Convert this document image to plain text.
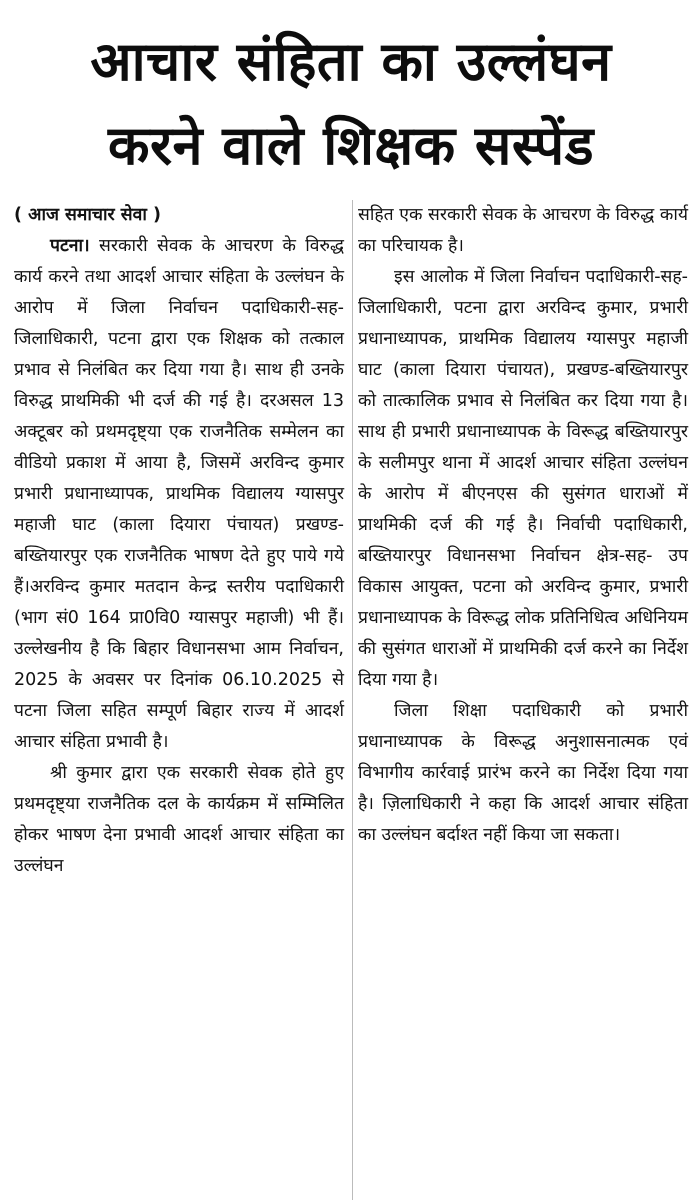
आचार संहिता का उल्लंघन
करने वाले शिक्षक सस्पेंड

( आज समाचार सेवा )

पटना। सरकारी सेवक के आचरण के विरुद्ध कार्य करने तथा आदर्श आचार संहिता के उल्लंघन के आरोप में जिला निर्वाचन पदाधिकारी-सह-जिलाधिकारी, पटना द्वारा एक शिक्षक को तत्काल प्रभाव से निलंबित कर दिया गया है। साथ ही उनके विरुद्ध प्राथमिकी भी दर्ज की गई है। दरअसल 13 अक्टूबर को प्रथमदृष्ट्या एक राजनैतिक सम्मेलन का वीडियो प्रकाश में आया है, जिसमें अरविन्द कुमार प्रभारी प्रधानाध्यापक, प्राथमिक विद्यालय ग्यासपुर महाजी घाट (काला दियारा पंचायत) प्रखण्ड-बख्तियारपुर एक राजनैतिक भाषण देते हुए पाये गये हैं।अरविन्द कुमार मतदान केन्द्र स्तरीय पदाधिकारी (भाग सं0 164 प्रा0वि0 ग्यासपुर महाजी) भी हैं। उल्लेखनीय है कि बिहार विधानसभा आम निर्वाचन, 2025 के अवसर पर दिनांक 06.10.2025 से पटना जिला सहित सम्पूर्ण बिहार राज्य में आदर्श आचार संहिता प्रभावी है।

श्री कुमार द्वारा एक सरकारी सेवक होते हुए प्रथमदृष्ट्या राजनैतिक दल के कार्यक्रम में सम्मिलित होकर भाषण देना प्रभावी आदर्श आचार संहिता का उल्लंघन

सहित एक सरकारी सेवक के आचरण के विरुद्ध कार्य का परिचायक है।

इस आलोक में जिला निर्वाचन पदाधिकारी-सह-जिलाधिकारी, पटना द्वारा अरविन्द कुमार, प्रभारी प्रधानाध्यापक, प्राथमिक विद्यालय ग्यासपुर महाजी घाट (काला दियारा पंचायत), प्रखण्ड-बख्तियारपुर को तात्कालिक प्रभाव से निलंबित कर दिया गया है। साथ ही प्रभारी प्रधानाध्यापक के विरूद्ध बख्तियारपुर के सलीमपुर थाना में आदर्श आचार संहिता उल्लंघन के आरोप में बीएनएस की सुसंगत धाराओं में प्राथमिकी दर्ज की गई है। निर्वाची पदाधिकारी, बख्तियारपुर विधानसभा निर्वाचन क्षेत्र-सह- उप विकास आयुक्त, पटना को अरविन्द कुमार, प्रभारी प्रधानाध्यापक के विरूद्ध लोक प्रतिनिधित्व अधिनियम की सुसंगत धाराओं में प्राथमिकी दर्ज करने का निर्देश दिया गया है।

जिला शिक्षा पदाधिकारी को प्रभारी प्रधानाध्यापक के विरूद्ध अनुशासनात्मक एवं विभागीय कार्रवाई प्रारंभ करने का निर्देश दिया गया है। ज़िलाधिकारी ने कहा कि आदर्श आचार संहिता का उल्लंघन बर्दाश्त नहीं किया जा सकता।
